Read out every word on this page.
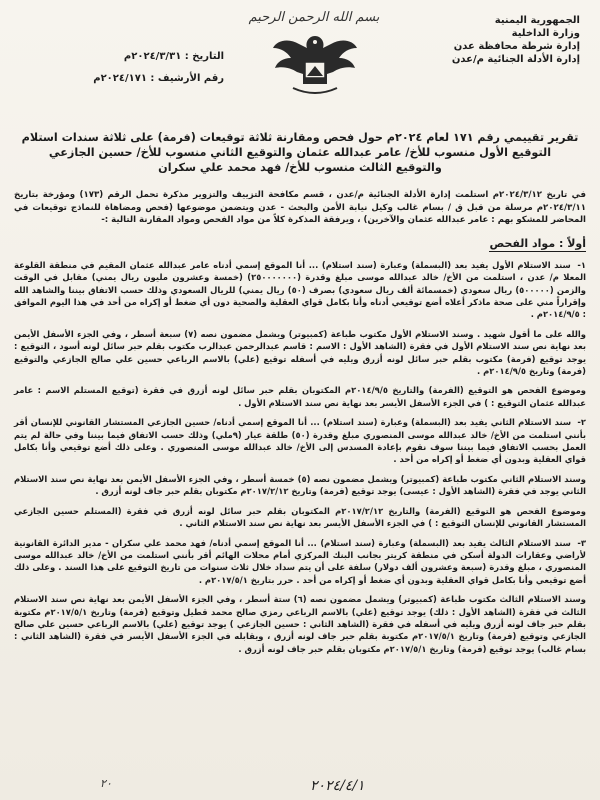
الجمهورية اليمنية
وزارة الداخلية
إدارة شرطة محافظة عدن
إدارة الأدلة الجنائية م/عدن
بسم الله الرحمن الرحيم
التاريخ : ٢٠٢٤/٣/٣١م
رقم الأرشيف : ٢٠٢٤/١٧١م
تقرير تقييمي رقم ١٧١ لعام ٢٠٢٤م حول فحص ومقارنة ثلاثة توقيعات (فرمة) على ثلاثة سندات استلام
التوقيع الأول منسوب للأخ/ عامر عبدالله عثمان والتوقيع الثاني منسوب للأخ/ حسين الجازعي
والتوقيع الثالث منسوب للأخ/ فهد محمد علي سكران
في تاريخ ٢٠٢٤/٣/١٢م استلمت إدارة الأدلة الجنائية م/عدن ، قسم مكافحة التزييف والتزوير مذكرة تحمل الرقم (١٧٣) ومؤرخة بتاريخ ٢٠٢٤/٣/١١م مرسلة من قبل ق / بسام غالب وكيل نيابة الأمن والبحث - عدن ويتضمن موضوعها (فحص ومضاهاة للنماذج توقيعات في المحاضر للمشكو بهم : عامر عبدالله عثمان والآخرين) ، ويرفقة المذكرة كلاً من مواد الفحص ومواد المقارنة التالية :-
أولاً : مواد الفحص
١- سند الاستلام الأول يفيد بعد (البسملة) وعبارة (سند استلام) ... أنا الموقع إسمي أدناه عامر عبدالله عثمان المقيم في منطقة القلوعة المعلا م/ عدن ، استلمت من الأخ/ خالد عبدالله موسى مبلغ وقدرة (٢٥٠٠٠٠٠٠٠) (خمسة وعشرون مليون ريال يمني) مقابل في الوقت والزمن (٥٠٠٠٠٠) ريال سعودي (خمسمائة ألف ريال سعودي) بصرف (٥٠) ريال يمني) للريال السعودي وذلك حسب الاتفاق بيننا والشاهد الله وإقراراً مني على صحة ماذكر أعلاه أضع توقيعي أدناه وأنا بكامل قواي العقلية والصحية دون أي ضغط أو إكراه من أحد في هذا اليوم الموافق : ٢٠١٤/٩/٥م .
والله على ما أقول شهيد . وسند الاستلام الأول مكتوب طباعة (كمبيوتر) ويشمل مضمون نصه (٧) سبعة أسطر ، وفي الجزء الأسفل الأيمن بعد نهاية نص سند الاستلام الأول في فقرة (الشاهد الأول : الاسم : قاسم عبدالرحمن عبدالرب مكتوب بقلم حبر سائل لونه أسود ، التوقيع : يوجد توقيع (فرمة) مكتوب بقلم حبر سائل لونه أزرق ويليه في أسفله توقيع (علي) بالاسم الرباعي حسين علي صالح الجازعي والتوقيع (فرمة) وتاريخ ٢٠١٤/٩/٥م .
وموضوع الفحص هو التوقيع (الفرمة) والتاريخ ٢٠١٤/٩/٥م المكتوبان بقلم حبر سائل لونه أزرق في فقرة (توقيع المستلم الاسم : عامر عبدالله عثمان التوقيع : ) في الجزء الأسفل الأيسر بعد نهاية نص سند الاستلام الأول .
٢- سند الاستلام الثاني يفيد بعد (البسملة) وعبارة (سند استلام) ... أنا الموقع إسمي أدناه/ حسين الجازعي المستشار القانوني للإنسان أقر بأنني استلمت من الأخ/ خالد عبدالله موسى المنصوري مبلغ وقدرة (٥٠) طلقة عيار (٩ملي) وذلك حسب الاتفاق فيما بيننا وفي حالة لم يتم العمل بحسب الاتفاق فيما بيننا سوف نقوم بإعادة المسدس إلى الأخ/ خالد عبدالله موسى المنصوري . وعلى ذلك أضع توقيعي وأنا بكامل قواي العقلية وبدون أي ضغط أو إكراه من أحد .
وسند الاستلام الثاني مكتوب طباعة (كمبيوتر) ويشمل مضمون نصه (٥) خمسة أسطر ، وفي الجزء الأسفل الأيمن بعد نهاية نص سند الاستلام الثاني يوجد في فقرة (الشاهد الأول : عيسى) يوجد توقيع (فرمة) وتاريخ ٢٠١٧/٢/١٢م مكتوبان بقلم حبر جاف لونه أزرق .
وموضوع الفحص هو التوقيع (الفرمة) والتاريخ ٢٠١٧/٢/١٢م المكتوبان بقلم حبر سائل لونه أزرق في فقرة (المستلم حسين الجازعي المستشار القانوني للإنسان التوقيع : ) في الجزء الأسفل الأيسر بعد نهاية نص سند الاستلام الثاني .
٣- سند الاستلام الثالث يفيد بعد (البسملة) وعبارة (سند استلام) ... أنا الموقع إسمي أدناه/ فهد محمد علي سكران - مدير الدائرة القانونية لأراضي وعقارات الدولة أسكن في منطقة كريتر بجانب البنك المركزي أمام محلات الهائم أقر بأنني استلمت من الأخ/ خالد عبدالله موسى المنصوري ، مبلغ وقدرة (سبعة وعشرون ألف دولار) سلفة على أن يتم سداد خلال ثلاث سنوات من تاريخ التوقيع على هذا السند . وعلى ذلك أضع توقيعي وأنا بكامل قواي العقلية وبدون أي ضغط أو إكراه من أحد . حرر بتاريخ ٢٠١٧/٥/١م .
وسند الاستلام الثالث مكتوب طباعة (كمبيوتر) ويشمل مضمون نصه (٦) ستة أسطر ، وفي الجزء الأسفل الأيمن بعد نهاية نص سند الاستلام الثالث في فقرة (الشاهد الأول : ذلك) يوجد توقيع (علي) بالاسم الرباعي رمزي صالح محمد قطيل وتوقيع (فرمة) وتاريخ ٢٠١٧/٥/١م مكتوبة بقلم حبر جاف لونه أزرق ويليه في أسفله في فقرة (الشاهد الثاني : حسين الجازعي ) يوجد توقيع (علي) بالاسم الرباعي حسين علي صالح الجازعي وتوقيع (فرمة) وتاريخ ٢٠١٧/٥/١م مكتوبة بقلم حبر جاف لونه أزرق ، ويقابله في الجزء الأسفل الأيسر في فقرة (الشاهد الثاني : بسام غالب) يوجد توقيع (فرمة) وتاريخ ٢٠١٧/٥/١م مكتوبان بقلم حبر جاف لونه أزرق .
٢٠	٢٠٢٤/٤/١
